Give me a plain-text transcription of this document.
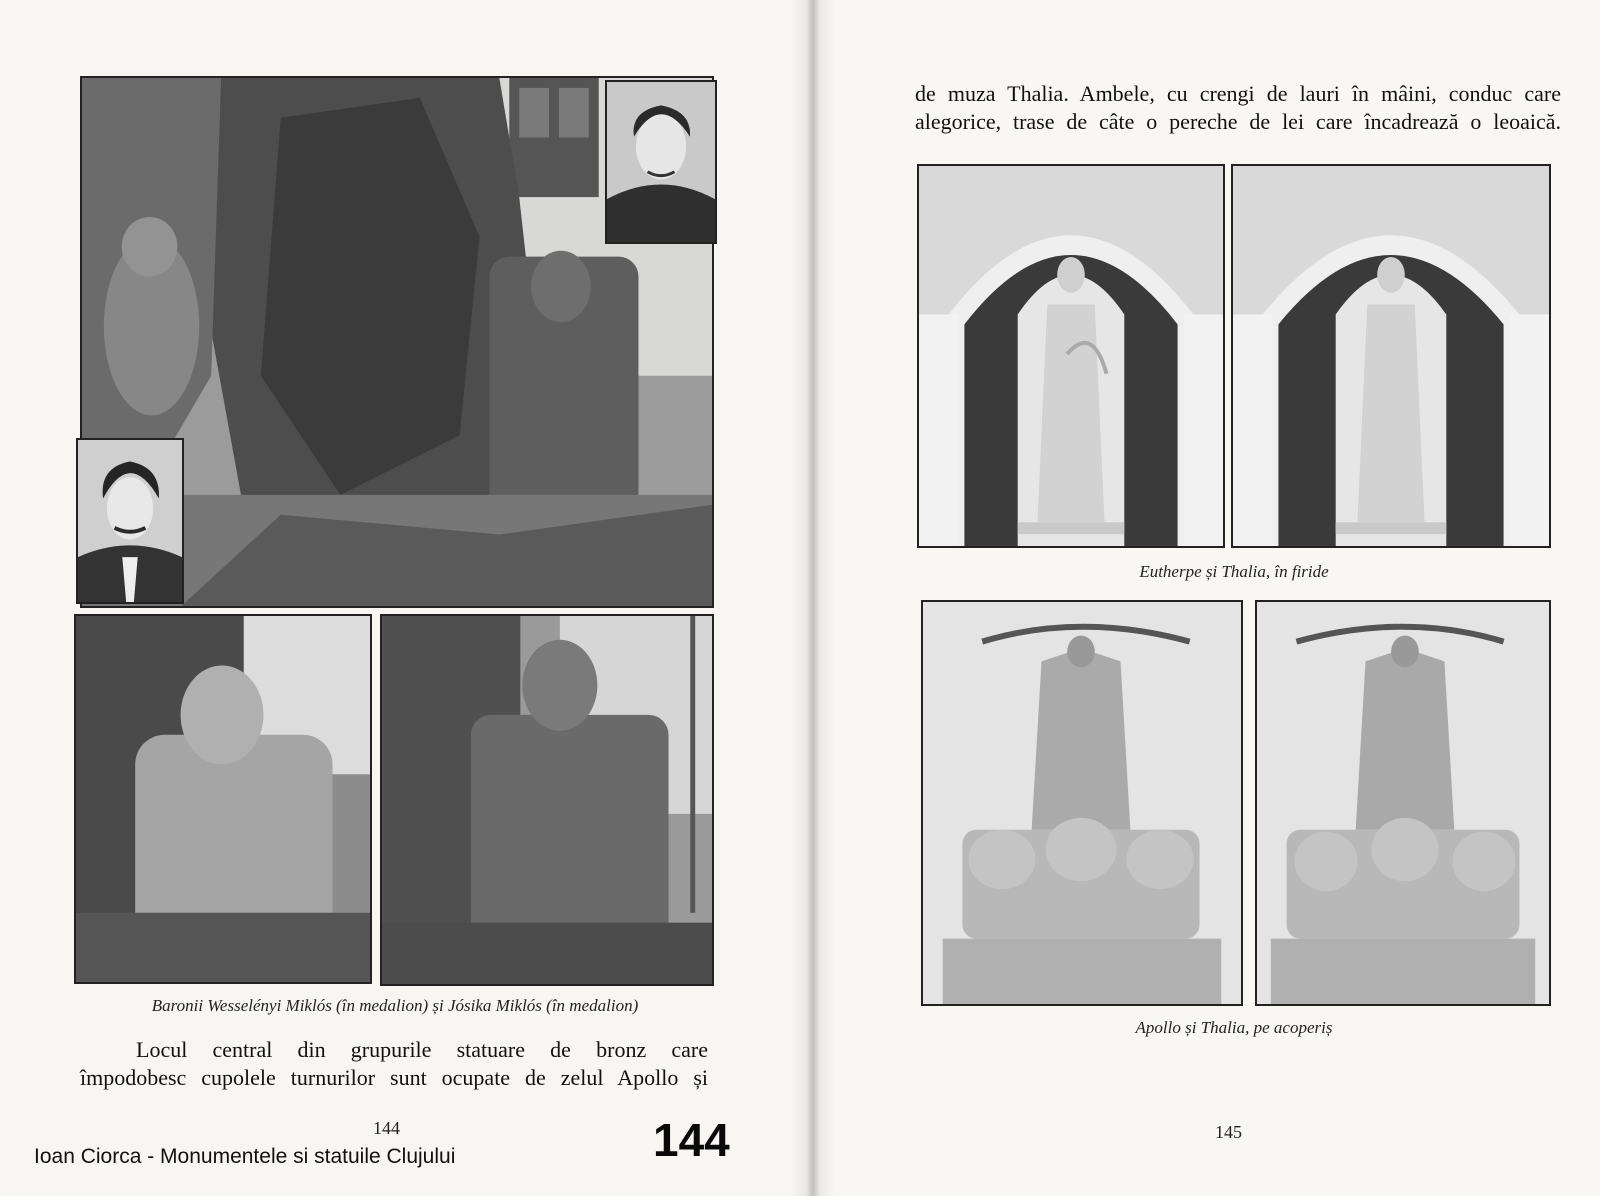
Baronii Wesselényi Miklós (în medalion) și Jósika Miklós (în medalion)
Locul central din grupurile statuare de bronz care
împodobesc cupolele turnurilor sunt ocupate de zelul Apollo și
144
Ioan Ciorca - Monumentele si statuile Clujului	144
de muza Thalia. Ambele, cu crengi de lauri în mâini, conduc care
alegorice, trase de câte o pereche de lei care încadrează o leoaică.
Eutherpe și Thalia, în firide
Apollo și Thalia, pe acoperiș
145
